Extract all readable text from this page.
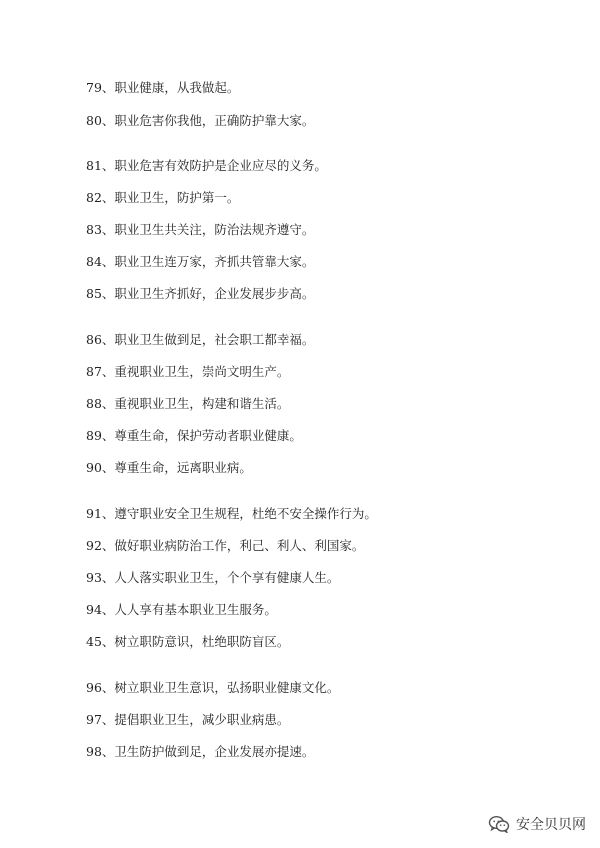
79、职业健康，从我做起。
80、职业危害你我他，正确防护靠大家。
81、职业危害有效防护是企业应尽的义务。
82、职业卫生，防护第一。
83、职业卫生共关注，防治法规齐遵守。
84、职业卫生连万家，齐抓共管靠大家。
85、职业卫生齐抓好，企业发展步步高。
86、职业卫生做到足，社会职工都幸福。
87、重视职业卫生，崇尚文明生产。
88、重视职业卫生，构建和谐生活。
89、尊重生命，保护劳动者职业健康。
90、尊重生命，远离职业病。
91、遵守职业安全卫生规程，杜绝不安全操作行为。
92、做好职业病防治工作，利己、利人、利国家。
93、人人落实职业卫生，个个享有健康人生。
94、人人享有基本职业卫生服务。
45、树立职防意识，杜绝职防盲区。
96、树立职业卫生意识，弘扬职业健康文化。
97、提倡职业卫生，减少职业病患。
98、卫生防护做到足，企业发展亦提速。
安全贝贝网
